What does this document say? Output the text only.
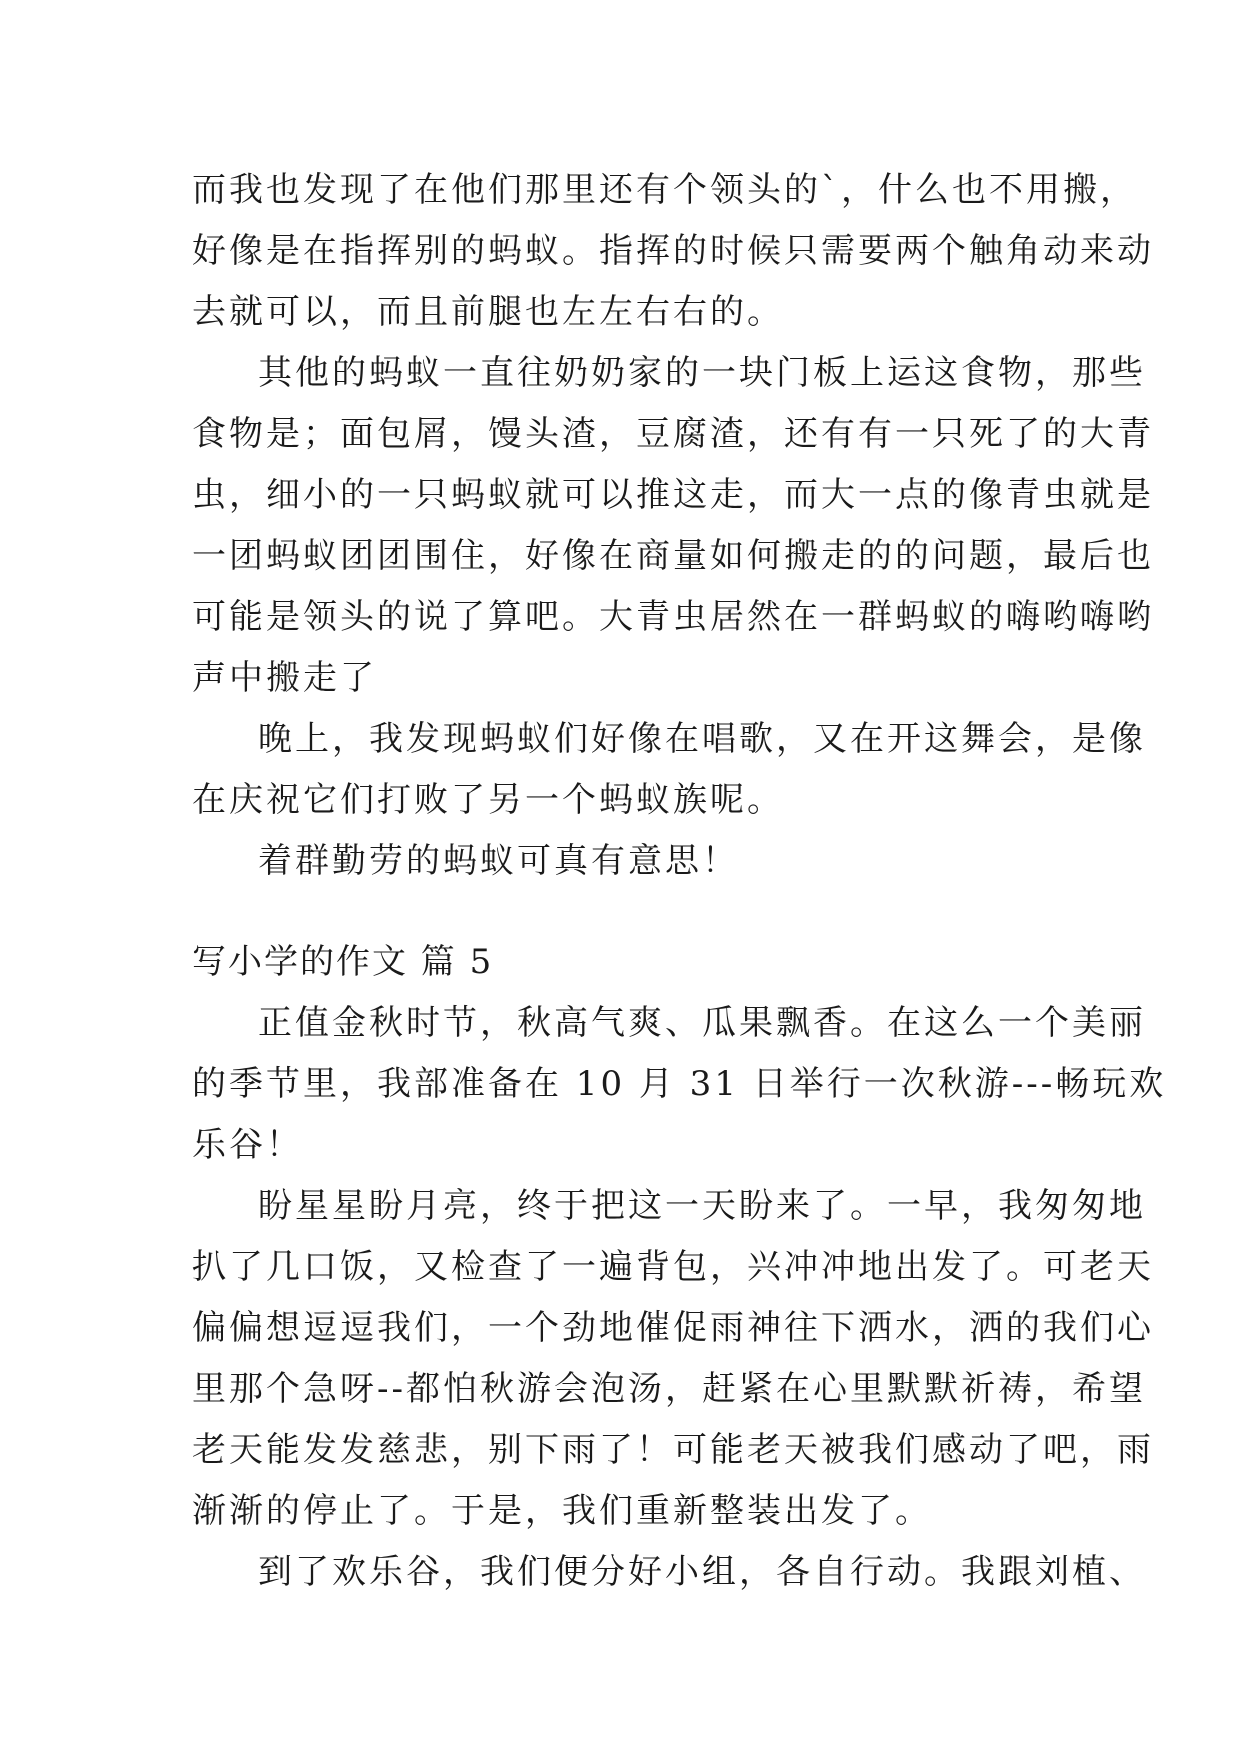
而我也发现了在他们那里还有个领头的`，什么也不用搬，
好像是在指挥别的蚂蚁。指挥的时候只需要两个触角动来动
去就可以，而且前腿也左左右右的。
其他的蚂蚁一直往奶奶家的一块门板上运这食物，那些
食物是；面包屑，馒头渣，豆腐渣，还有有一只死了的大青
虫，细小的一只蚂蚁就可以推这走，而大一点的像青虫就是
一团蚂蚁团团围住，好像在商量如何搬走的的问题，最后也
可能是领头的说了算吧。大青虫居然在一群蚂蚁的嗨哟嗨哟
声中搬走了
晚上，我发现蚂蚁们好像在唱歌，又在开这舞会，是像
在庆祝它们打败了另一个蚂蚁族呢。
着群勤劳的蚂蚁可真有意思！
写小学的作文 篇 5
正值金秋时节，秋高气爽、瓜果飘香。在这么一个美丽
的季节里，我部准备在 10 月 31 日举行一次秋游---畅玩欢
乐谷！
盼星星盼月亮，终于把这一天盼来了。一早，我匆匆地
扒了几口饭，又检查了一遍背包，兴冲冲地出发了。可老天
偏偏想逗逗我们，一个劲地催促雨神往下洒水，洒的我们心
里那个急呀--都怕秋游会泡汤，赶紧在心里默默祈祷，希望
老天能发发慈悲，别下雨了！可能老天被我们感动了吧，雨
渐渐的停止了。于是，我们重新整装出发了。
到了欢乐谷，我们便分好小组，各自行动。我跟刘植、
